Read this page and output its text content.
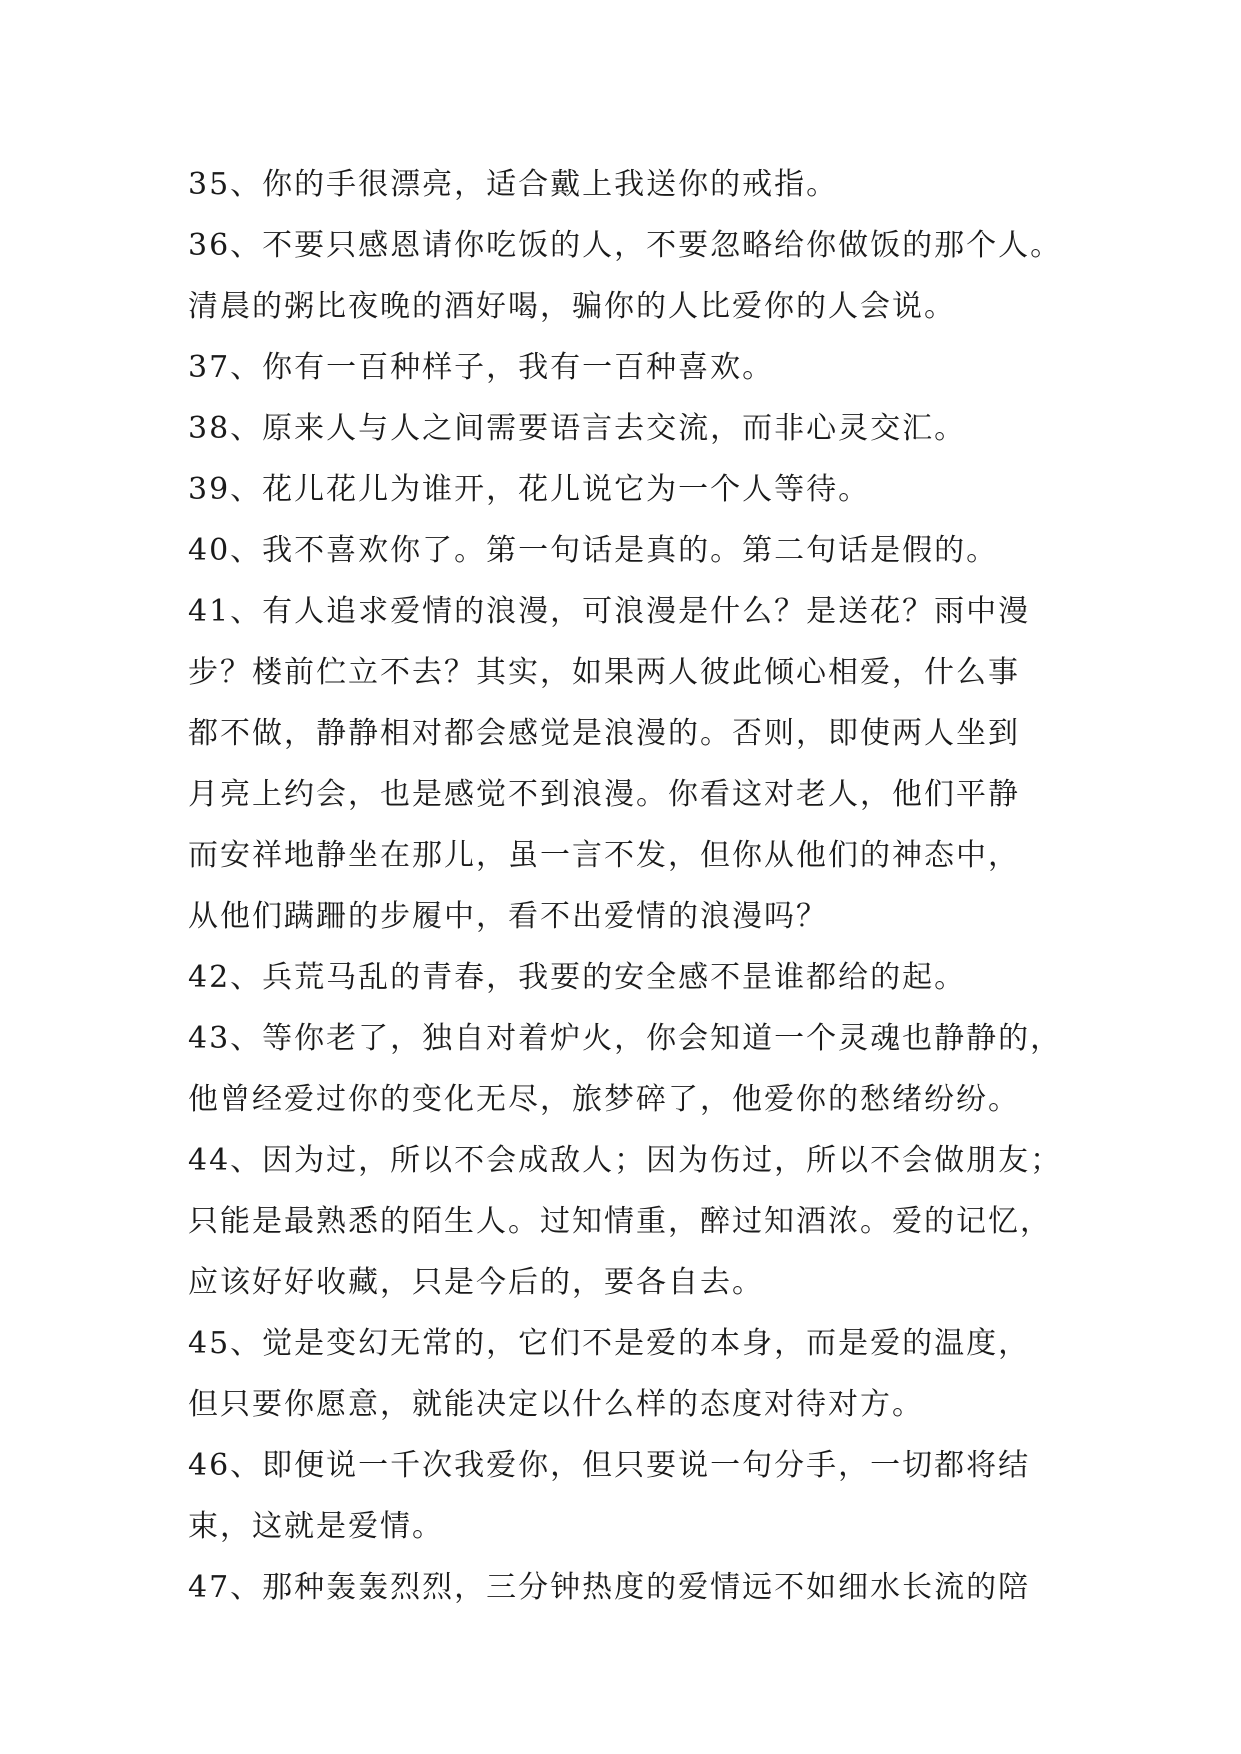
35、你的手很漂亮，适合戴上我送你的戒指。
36、不要只感恩请你吃饭的人，不要忽略给你做饭的那个人。
清晨的粥比夜晚的酒好喝，骗你的人比爱你的人会说。
37、你有一百种样子，我有一百种喜欢。
38、原来人与人之间需要语言去交流，而非心灵交汇。
39、花儿花儿为谁开，花儿说它为一个人等待。
40、我不喜欢你了。第一句话是真的。第二句话是假的。
41、有人追求爱情的浪漫，可浪漫是什么？是送花？雨中漫
步？楼前伫立不去？其实，如果两人彼此倾心相爱，什么事
都不做，静静相对都会感觉是浪漫的。否则，即使两人坐到
月亮上约会，也是感觉不到浪漫。你看这对老人，他们平静
而安祥地静坐在那儿，虽一言不发，但你从他们的神态中，
从他们蹒跚的步履中，看不出爱情的浪漫吗？
42、兵荒马乱的青春，我要的安全感不昰谁都给的起。
43、等你老了，独自对着炉火，你会知道一个灵魂也静静的，
他曾经爱过你的变化无尽，旅梦碎了，他爱你的愁绪纷纷。
44、因为过，所以不会成敌人；因为伤过，所以不会做朋友；
只能是最熟悉的陌生人。过知情重，醉过知酒浓。爱的记忆，
应该好好收藏，只是今后的，要各自去。
45、觉是变幻无常的，它们不是爱的本身，而是爱的温度，
但只要你愿意，就能决定以什么样的态度对待对方。
46、即便说一千次我爱你，但只要说一句分手，一切都将结
束，这就是爱情。
47、那种轰轰烈烈，三分钟热度的爱情远不如细水长流的陪
